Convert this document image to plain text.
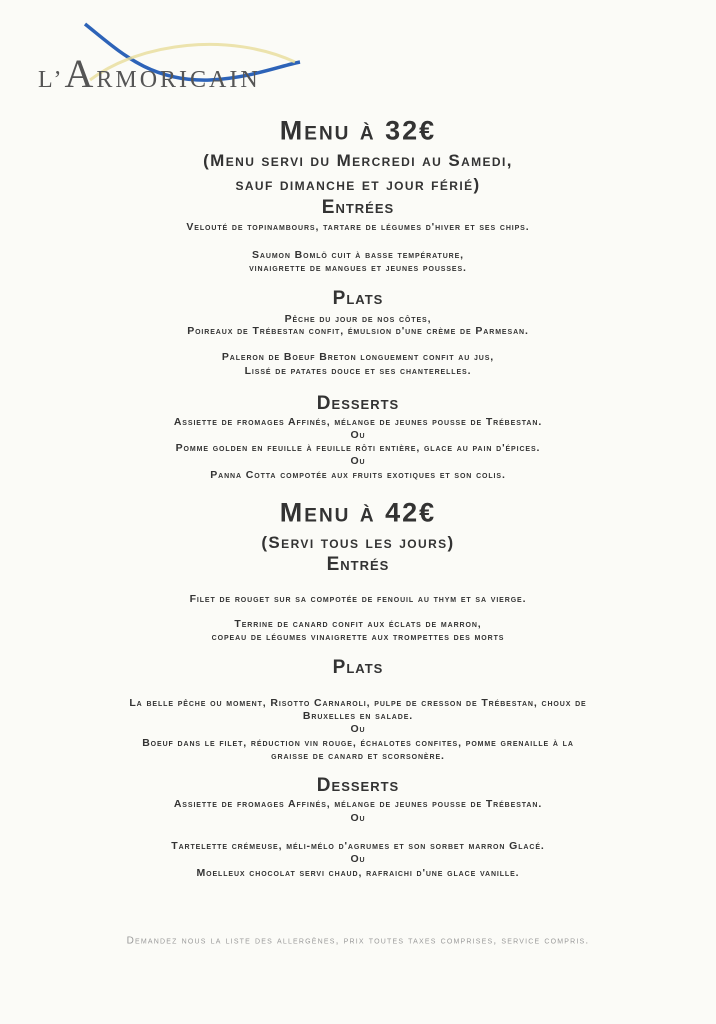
L’ARMORICAIN
Menu à 32€
(Menu servi du Mercredi au Samedi,
sauf dimanche et jour férié)
Entrées
Velouté de topinambours, tartare de légumes d'hiver et ses chips.
Saumon Bomlö cuit à basse température,
vinaigrette de mangues et jeunes pousses.
Plats
Pêche du jour de nos côtes,
Poireaux de Trébestan confit, émulsion d'une crème de Parmesan.
Paleron de Boeuf Breton longuement confit au jus,
Lissé de patates douce et ses chanterelles.
Desserts
Assiette de fromages Affinés, mélange de jeunes pousse de Trébestan.
Ou
Pomme golden en feuille à feuille rôti entière, glace au pain d'épices.
Ou
Panna Cotta compotée aux fruits exotiques et son colis.
Menu à 42€
(Servi tous les jours)
Entrés
Filet de rouget sur sa compotée de fenouil au thym et sa vierge.
Terrine de canard confit aux éclats de marron,
copeau de légumes vinaigrette aux trompettes des morts
Plats
La belle pêche ou moment, Risotto Carnaroli, pulpe de cresson de Trébestan, choux de
Bruxelles en salade.
Ou
Boeuf dans le filet, réduction vin rouge, échalotes confites, pomme grenaille à la
graisse de canard et scorsonère.
Desserts
Assiette de fromages Affinés, mélange de jeunes pousse de Trébestan.
Ou
Tartelette crémeuse, méli-mélo d'agrumes et son sorbet marron Glacé.
Ou
Moelleux chocolat servi chaud, rafraichi d'une glace vanille.
Demandez nous la liste des allergènes, prix toutes taxes comprises, service compris.
